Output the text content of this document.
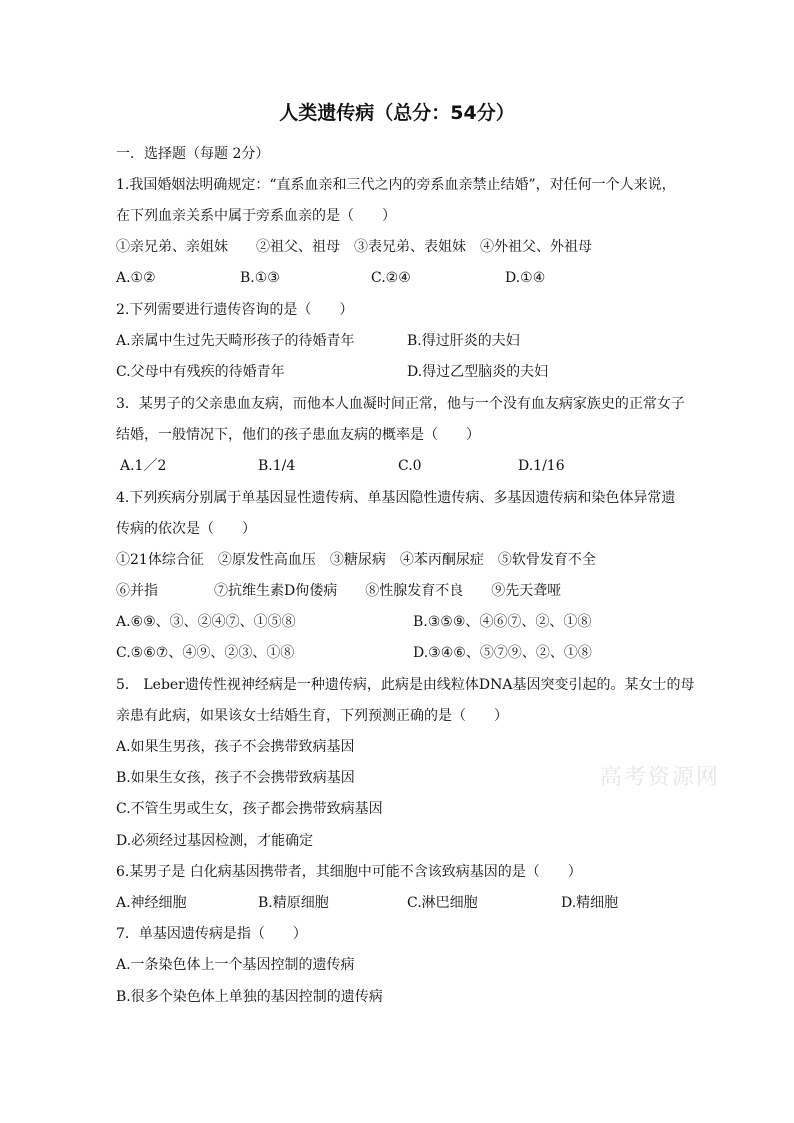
人类遗传病（总分：54分）
一．选择题（每题 2分）
1.我国婚姻法明确规定：“直系血亲和三代之内的旁系血亲禁止结婚”，对任何一个人来说，
在下列血亲关系中属于旁系血亲的是（　　）
①亲兄弟、亲姐妹　　②祖父、祖母　③表兄弟、表姐妹　④外祖父、外祖母
A.①②	B.①③	C.②④	D.①④
2.下列需要进行遗传咨询的是（　　）
A.亲属中生过先天畸形孩子的待婚青年	B.得过肝炎的夫妇
C.父母中有残疾的待婚青年	D.得过乙型脑炎的夫妇
3．某男子的父亲患血友病，而他本人血凝时间正常，他与一个没有血友病家族史的正常女子
结婚，一般情况下，他们的孩子患血友病的概率是（　　）
A.1／2	B.1/4	C.0	D.1/16
4.下列疾病分别属于单基因显性遗传病、单基因隐性遗传病、多基因遗传病和染色体异常遗
传病的依次是（　　）
①21体综合征　②原发性高血压　③糖尿病　④苯丙酮尿症　⑤软骨发育不全
⑥并指　　　　⑦抗维生素D佝偻病　　⑧性腺发育不良　　⑨先天聋哑
A.⑥⑨、③、②④⑦、①⑤⑧	B.③⑤⑨、④⑥⑦、②、①⑧
C.⑤⑥⑦、④⑨、②③、①⑧	D.③④⑥、⑤⑦⑨、②、①⑧
5． Leber遗传性视神经病是一种遗传病，此病是由线粒体DNA基因突变引起的。某女士的母
亲患有此病，如果该女士结婚生育，下列预测正确的是（　　）
A.如果生男孩，孩子不会携带致病基因
B.如果生女孩，孩子不会携带致病基因
C.不管生男或生女，孩子都会携带致病基因
D.必须经过基因检测，才能确定
6.某男子是 白化病基因携带者，其细胞中可能不含该致病基因的是（　　）
A.神经细胞	B.精原细胞	C.淋巴细胞	D.精细胞
7．单基因遗传病是指（　　）
A.一条染色体上一个基因控制的遗传病
B.很多个染色体上单独的基因控制的遗传病
高考资源网
